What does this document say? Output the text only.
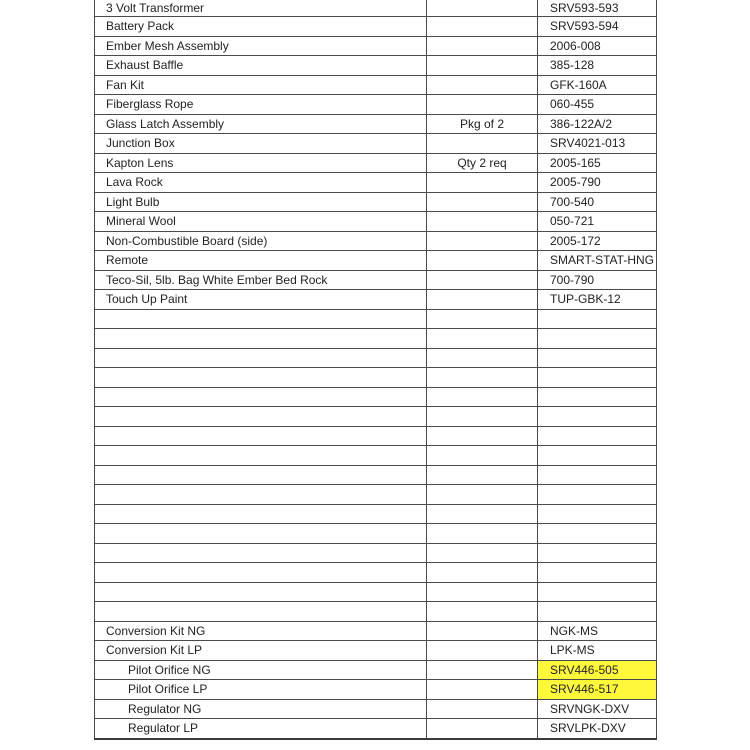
3 Volt Transformer		SRV593-593
Battery Pack		SRV593-594
Ember Mesh Assembly		2006-008
Exhaust Baffle		385-128
Fan Kit		GFK-160A
Fiberglass Rope		060-455
Glass Latch Assembly	Pkg of 2	386-122A/2
Junction Box		SRV4021-013
Kapton Lens	Qty 2 req	2005-165
Lava Rock		2005-790
Light Bulb		700-540
Mineral Wool		050-721
Non-Combustible Board (side)		2005-172
Remote		SMART-STAT-HNG
Teco-Sil, 5lb. Bag White Ember Bed Rock		700-790
Touch Up Paint		TUP-GBK-12

Conversion Kit NG		NGK-MS
Conversion Kit LP		LPK-MS
Pilot Orifice NG		SRV446-505
Pilot Orifice LP		SRV446-517
Regulator NG		SRVNGK-DXV
Regulator LP		SRVLPK-DXV
